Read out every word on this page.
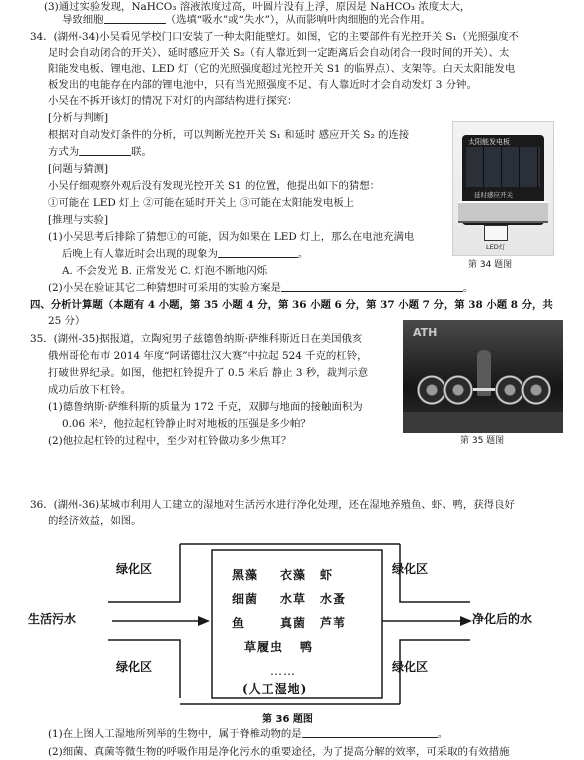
(3)通过实验发现，NaHCO₃ 溶液浓度过高，叶圆片没有上浮，原因是 NaHCO₃ 浓度太大，
导致细胞	（选填“吸水”或“失水”），从而影响叶肉细胞的光合作用。
34．(湖州-34)小吴看见学校门口安装了一种太阳能壁灯。如图，它的主要部件有光控开关 S₁（光照强度不
足时会自动闭合的开关）、延时感应开关 S₂（有人靠近到一定距离后会自动闭合一段时间的开关）、太
阳能发电板、锂电池、LED 灯（它的光照强度超过光控开关 S1 的临界点）、支架等。白天太阳能发电
板发出的电能存在内部的锂电池中，只有当光照强度不足、有人靠近时才会自动发灯 3 分钟。
小吴在不拆开该灯的情况下对灯的内部结构进行探究：
[分析与判断]
根据对自动发灯条件的分析，可以判断光控开关 S₁ 和延时 感应开关 S₂ 的连接
方式为	联。
[问题与猜测]
小吴仔细观察外观后没有发现光控开关 S1 的位置，他提出如下的猜想：
①可能在 LED 灯上 ②可能在延时开关上 ③可能在太阳能发电板上
[推理与实验]
(1)小吴思考后排除了猜想①的可能，因为如果在 LED 灯上，那么在电池充满电
后晚上有人靠近时会出现的现象为	。
A. 不会发光 B. 正常发光 C. 灯泡不断地闪烁
(2)小吴在验证其它二种猜想时可采用的实验方案是	。
四、分析计算题（本题有 4 小题，第 35 小题 4 分，第 36 小题 6 分，第 37 小题 7 分，第 38 小题 8 分，共
25 分）
35．(湖州-35)据报道，立陶宛男子兹德鲁纳斯·萨维科斯近日在美国俄亥
俄州哥伦布市 2014 年度“阿诺德壮汉大赛”中拉起 524 千克的杠铃，
打破世界纪录。如图，他把杠铃提升了 0.5 米后 静止 3 秒，裁判示意
成功后放下杠铃。
(1)德鲁纳斯·萨维科斯的质量为 172 千克，双脚与地面的接触面积为
0.06 米²，他拉起杠铃静止时对地板的压强是多少帕？
(2)他拉起杠铃的过程中，至少对杠铃做功多少焦耳？
36．(湖州-36)某城市利用人工建立的湿地对生活污水进行净化处理，还在湿地养殖鱼、虾、鸭，获得良好
的经济效益，如图。
(1)在上图人工湿地所列举的生物中，属于脊椎动物的是	。
(2)细菌、真菌等微生物的呼吸作用是净化污水的重要途径，为了提高分解的效率，可采取的有效措施
太阳能发电板
延时感应开关
LED灯
第 34 题图
ATH
第 35 题图
绿化区
绿化区
绿化区
绿化区
生活污水	净化后的水
黑藻 衣藻 虾
细菌 水草 水蚤
鱼	真菌 芦苇
草履虫 鸭
……
(人工湿地)
第 36 题图
